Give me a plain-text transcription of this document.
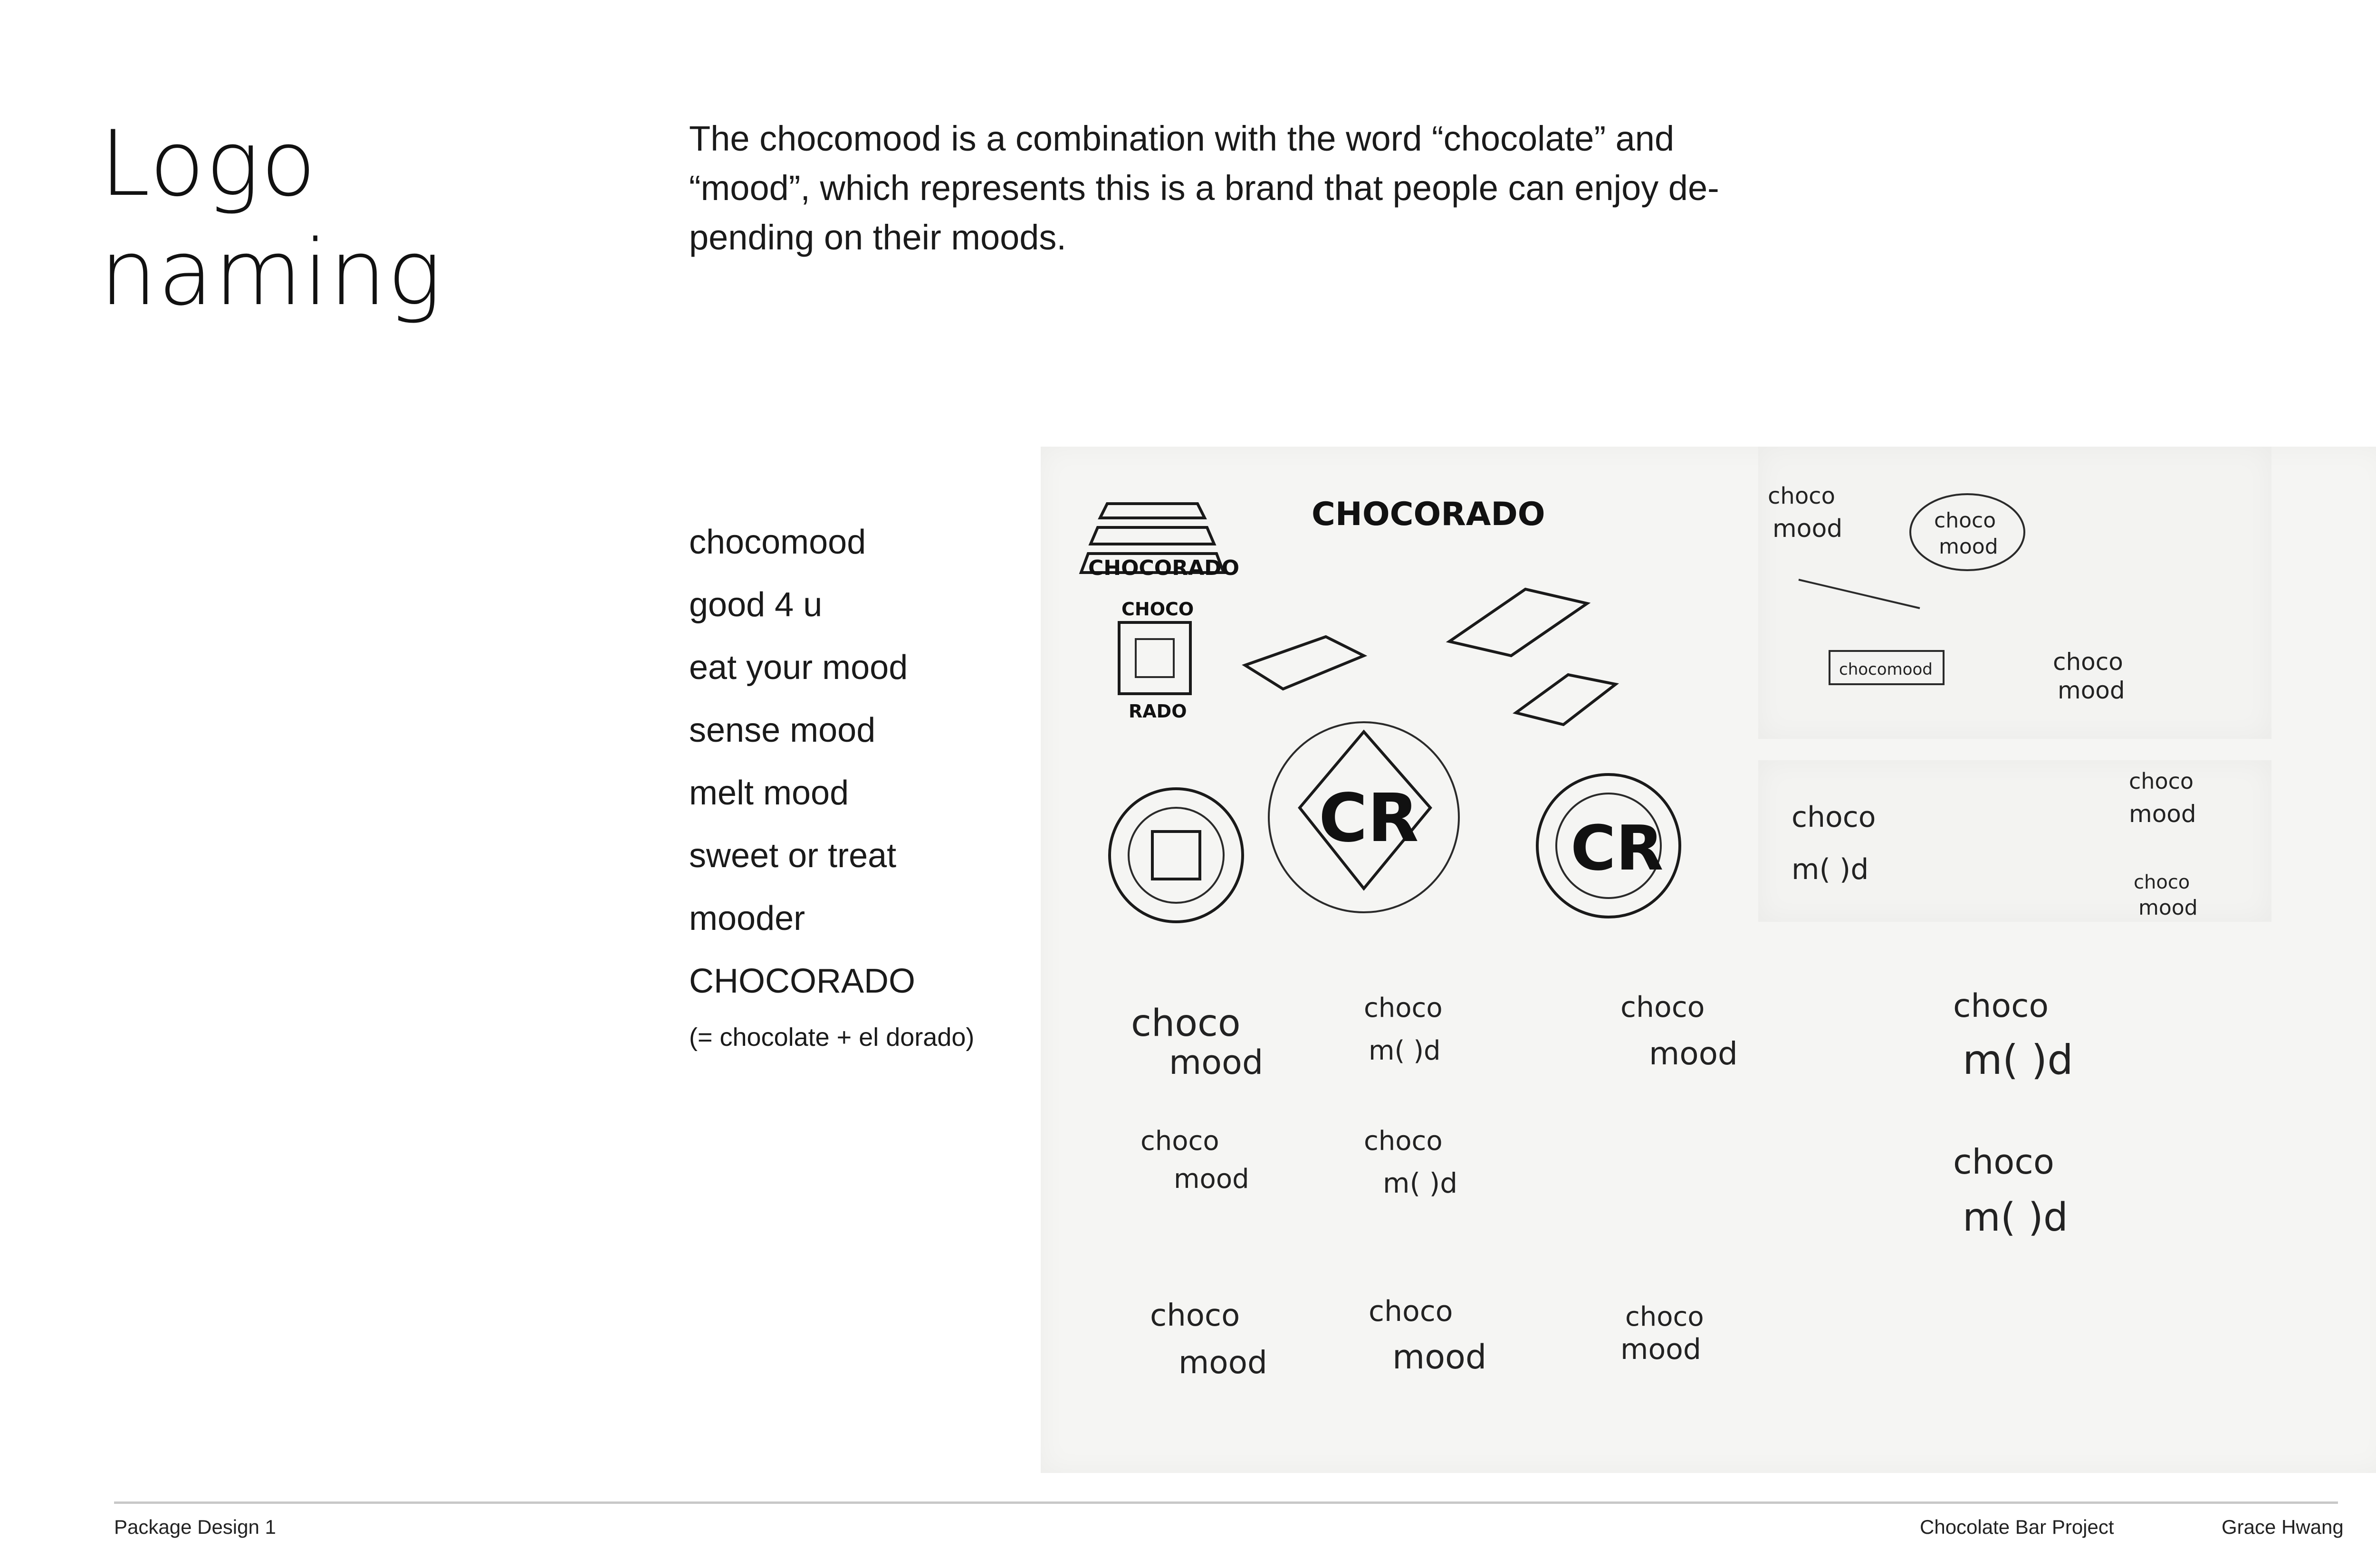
Logo
naming

The chocomood is a combination with the word “chocolate” and “mood”, which represents this is a brand that people can enjoy de-pending on their moods.

chocomood
good 4 u
eat your mood
sense mood
melt mood
sweet or treat
mooder
CHOCORADO
(= chocolate + el dorado)
CHOCORADO
CHOCORADO
CHOCO
RADO
CR CR
choco
mood
choco
m( )d
choco
mood
choco
m( )d
choco
mood
choco
m( )d
choco
m( )d
choco
mood
choco
mood
choco
mood
choco
mood	choco
mood
chocomood	choco
mood
choco
m( )d
choco
mood
choco
mood
Package Design 1	Chocolate Bar Project	Grace Hwang
